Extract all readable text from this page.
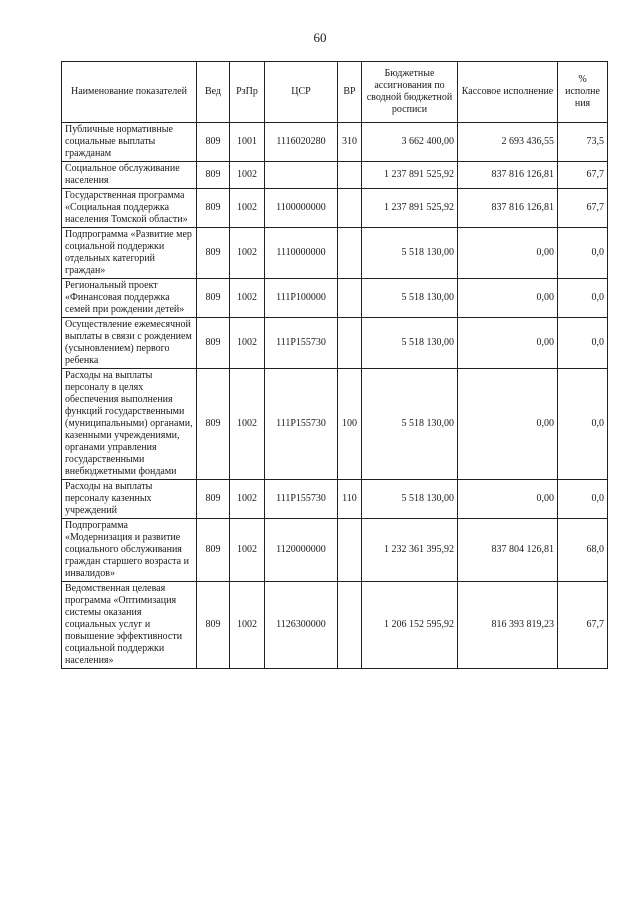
60
Наименование показателей	Вед	РзПр	ЦСР	ВР	Бюджетные ассигнования по сводной бюджетной росписи	Кассовое исполнение	% исполне ния
Публичные нормативные социальные выплаты гражданам	809	1001	1116020280	310	3 662 400,00	2 693 436,55	73,5
Социальное обслуживание населения	809	1002			1 237 891 525,92	837 816 126,81	67,7
Государственная программа «Социальная поддержка населения Томской области»	809	1002	1100000000		1 237 891 525,92	837 816 126,81	67,7
Подпрограмма «Развитие мер социальной поддержки отдельных категорий граждан»	809	1002	1110000000		5 518 130,00	0,00	0,0
Региональный проект «Финансовая поддержка семей при рождении детей»	809	1002	111P100000		5 518 130,00	0,00	0,0
Осуществление ежемесячной выплаты в связи с рождением (усыновлением) первого ребенка	809	1002	111P155730		5 518 130,00	0,00	0,0
Расходы на выплаты персоналу в целях обеспечения выполнения функций государственными (муниципальными) органами, казенными учреждениями, органами управления государственными внебюджетными фондами	809	1002	111P155730	100	5 518 130,00	0,00	0,0
Расходы на выплаты персоналу казенных учреждений	809	1002	111P155730	110	5 518 130,00	0,00	0,0
Подпрограмма «Модернизация и развитие социального обслуживания граждан старшего возраста и инвалидов»	809	1002	1120000000		1 232 361 395,92	837 804 126,81	68,0
Ведомственная целевая программа «Оптимизация системы оказания социальных услуг и повышение эффективности социальной поддержки населения»	809	1002	1126300000		1 206 152 595,92	816 393 819,23	67,7
